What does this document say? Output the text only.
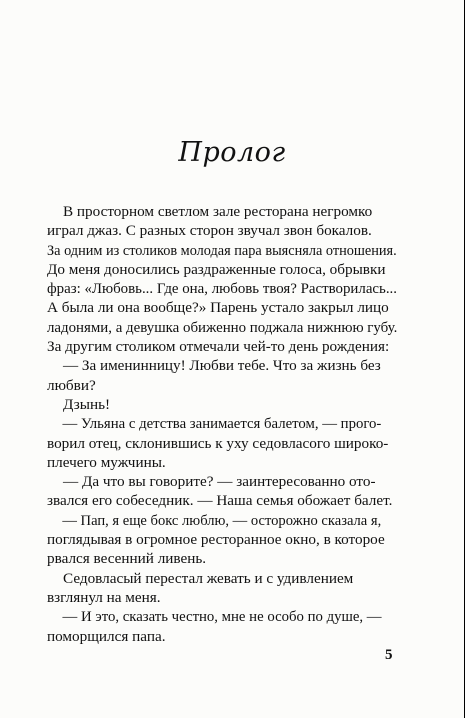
Пролог
В просторном светлом зале ресторана негромко
играл джаз. С разных сторон звучал звон бокалов.
За одним из столиков молодая пара выясняла отношения.
До меня доносились раздраженные голоса, обрывки
фраз: «Любовь... Где она, любовь твоя? Растворилась...
А была ли она вообще?» Парень устало закрыл лицо
ладонями, а девушка обиженно поджала нижнюю губу.
За другим столиком отмечали чей-то день рождения:
— За именинницу! Любви тебе. Что за жизнь без
любви?
Дзынь!
— Ульяна с детства занимается балетом, — прого-
ворил отец, склонившись к уху седовласого широко-
плечего мужчины.
— Да что вы говорите? — заинтересованно ото-
звался его собеседник. — Наша семья обожает балет.
— Пап, я еще бокс люблю, — осторожно сказала я,
поглядывая в огромное ресторанное окно, в которое
рвался весенний ливень.
Седовласый перестал жевать и с удивлением
взглянул на меня.
— И это, сказать честно, мне не особо по душе, —
поморщился папа.
5
